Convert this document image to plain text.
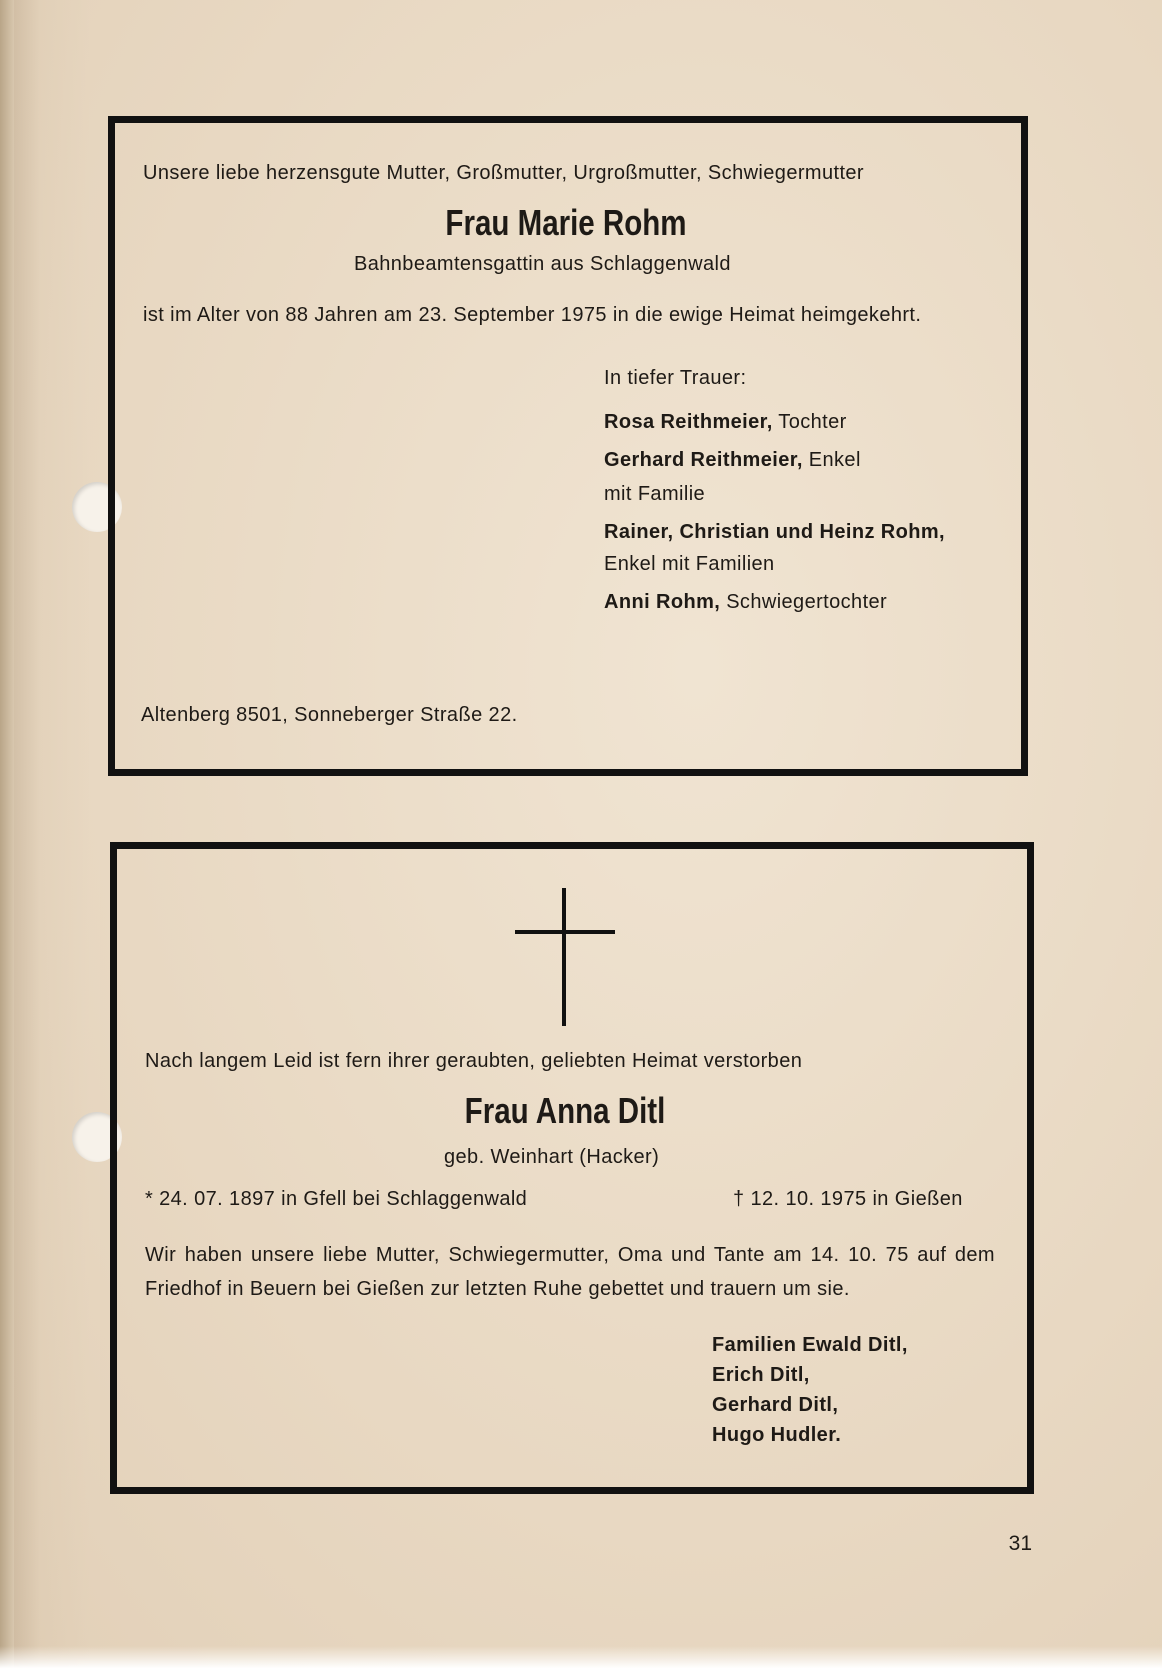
Unsere liebe herzensgute Mutter, Großmutter, Urgroßmutter, Schwiegermutter
Frau Marie Rohm
Bahnbeamtensgattin aus Schlaggenwald
ist im Alter von 88 Jahren am 23. September 1975 in die ewige Heimat heimgekehrt.
In tiefer Trauer:
Rosa Reithmeier, Tochter
Gerhard Reithmeier, Enkel
mit Familie
Rainer, Christian und Heinz Rohm,
Enkel mit Familien
Anni Rohm, Schwiegertochter
Altenberg 8501, Sonneberger Straße 22.
Nach langem Leid ist fern ihrer geraubten, geliebten Heimat verstorben
Frau Anna Ditl
geb. Weinhart (Hacker)
* 24. 07. 1897 in Gfell bei Schlaggenwald	† 12. 10. 1975 in Gießen
Wir haben unsere liebe Mutter, Schwiegermutter, Oma und Tante am 14. 10. 75 auf dem Friedhof in Beuern bei Gießen zur letzten Ruhe gebettet und trauern um sie.
Familien Ewald Ditl,
Erich Ditl,
Gerhard Ditl,
Hugo Hudler.
31
